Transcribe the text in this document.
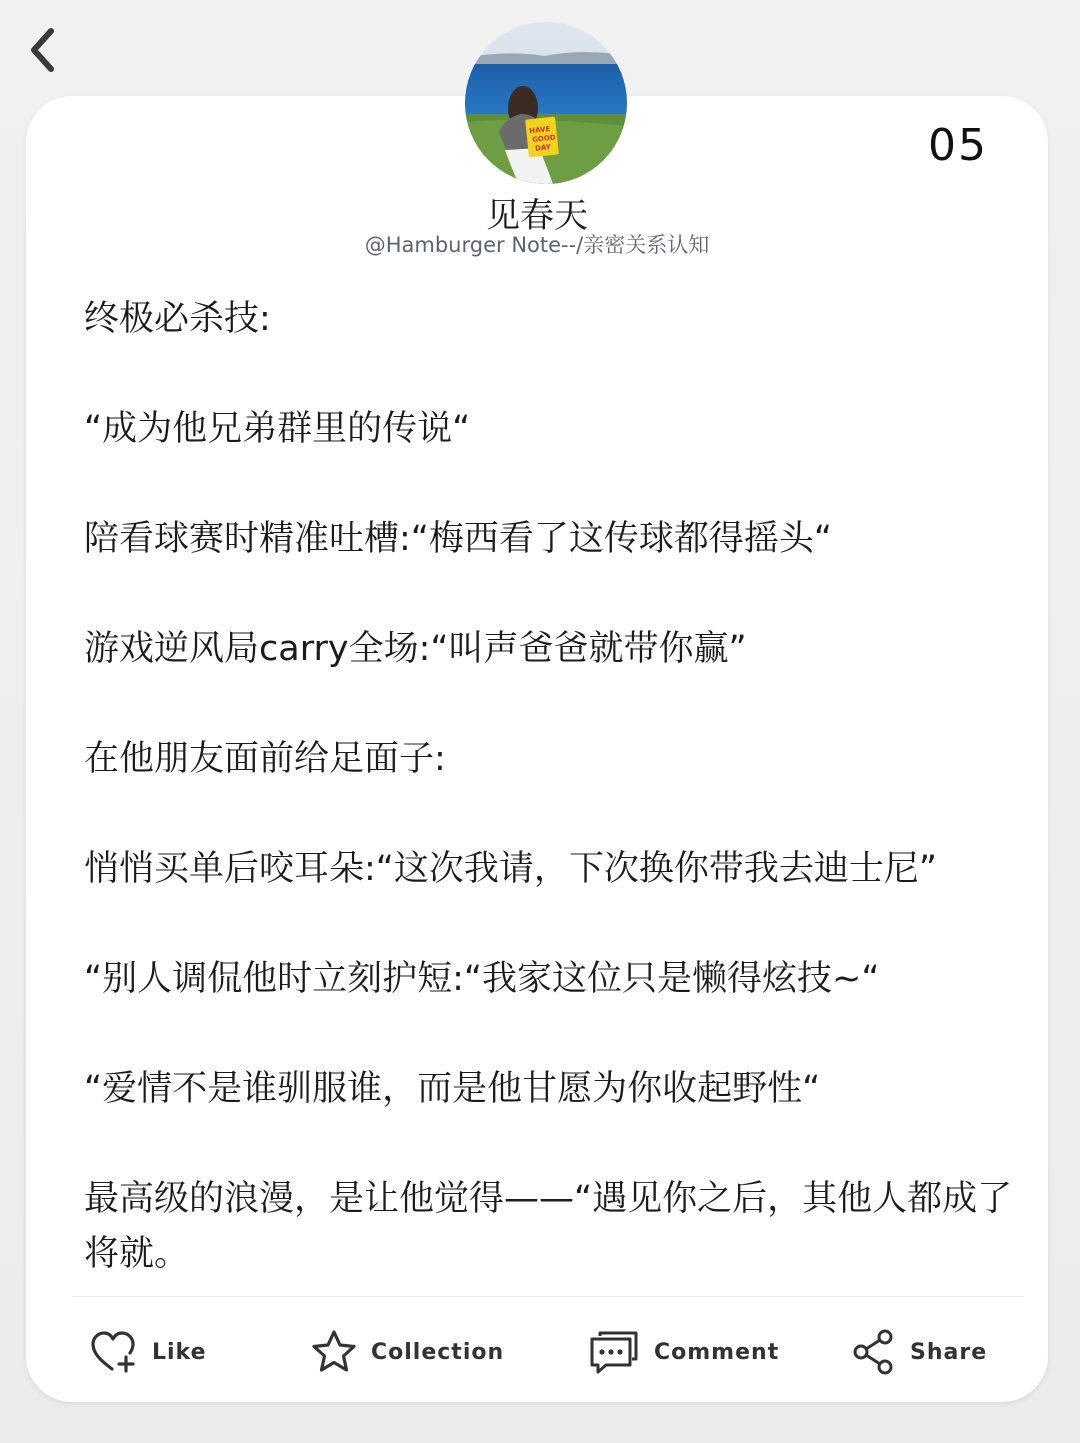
05
见春天
@Hamburger Note--/亲密关系认知

终极必杀技:

“成为他兄弟群里的传说“

陪看球赛时精准吐槽:“梅西看了这传球都得摇头“

游戏逆风局carry全场:“叫声爸爸就带你赢”

在他朋友面前给足面子:

悄悄买单后咬耳朵:“这次我请，下次换你带我去迪士尼”

“别人调侃他时立刻护短:“我家这位只是懒得炫技~“

“爱情不是谁驯服谁，而是他甘愿为你收起野性“

最高级的浪漫，是让他觉得——“遇见你之后，其他人都成了将就。

Like	Collection	Comment	Share
HAVE
GOOD
DAY
